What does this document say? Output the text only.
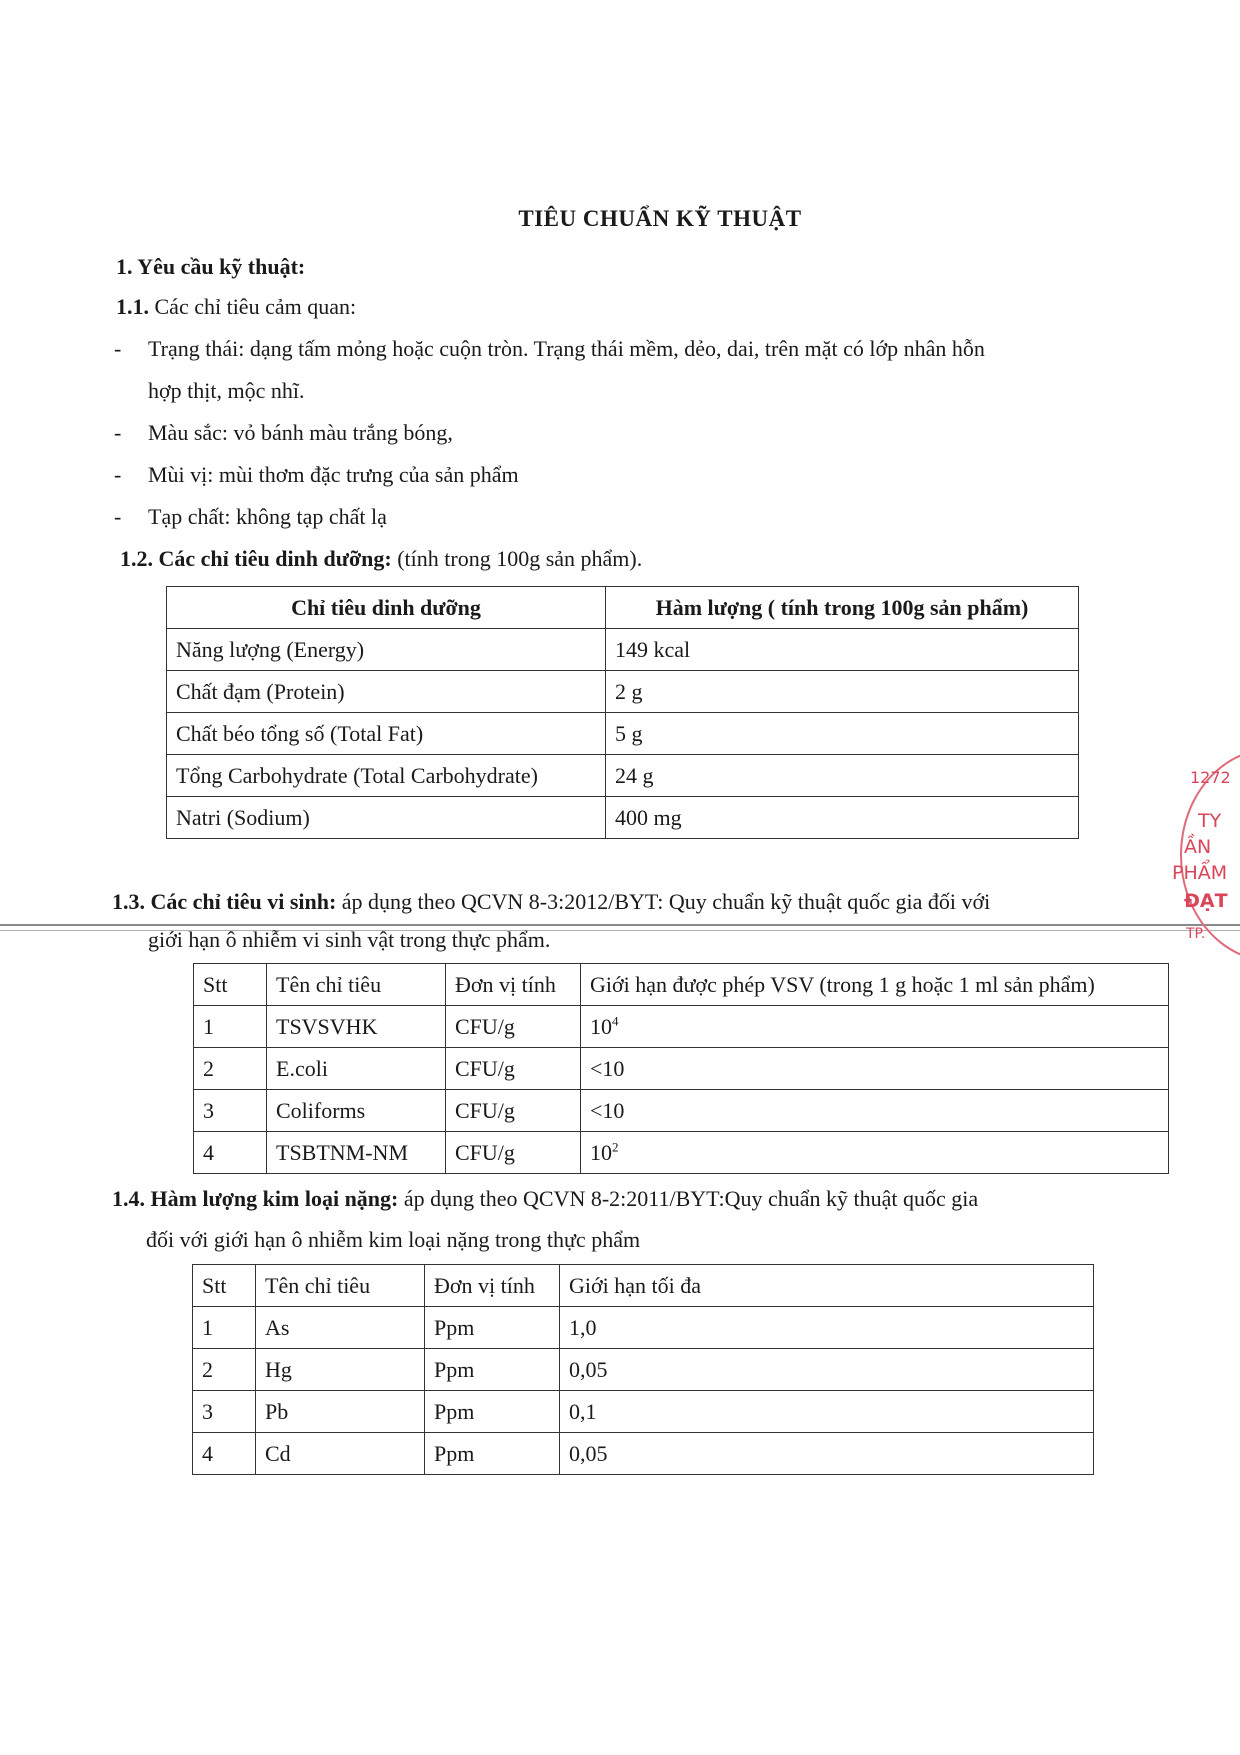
TIÊU CHUẨN KỸ THUẬT
1. Yêu cầu kỹ thuật:
1.1. Các chỉ tiêu cảm quan:
- Trạng thái: dạng tấm mỏng hoặc cuộn tròn. Trạng thái mềm, dẻo, dai, trên mặt có lớp nhân hỗn
hợp thịt, mộc nhĩ.
- Màu sắc: vỏ bánh màu trắng bóng,
- Mùi vị: mùi thơm đặc trưng của sản phẩm
- Tạp chất: không tạp chất lạ
1.2. Các chỉ tiêu dinh dưỡng: (tính trong 100g sản phẩm).
Chỉ tiêu dinh dưỡng	Hàm lượng ( tính trong 100g sản phẩm)
Năng lượng (Energy)	149 kcal
Chất đạm (Protein)	2 g
Chất béo tổng số (Total Fat)	5 g
Tổng Carbohydrate (Total Carbohydrate)	24 g
Natri (Sodium)	400 mg
1.3. Các chỉ tiêu vi sinh: áp dụng theo QCVN 8-3:2012/BYT: Quy chuẩn kỹ thuật quốc gia đối với
giới hạn ô nhiễm vi sinh vật trong thực phẩm.
Stt	Tên chỉ tiêu	Đơn vị tính	Giới hạn được phép VSV (trong 1 g hoặc 1 ml sản phẩm)
1	TSVSVHK	CFU/g	$10^4$
2	E.coli	CFU/g	<10
3	Coliforms	CFU/g	<10
4	TSBTNM-NM	CFU/g	$10^2$
1.4. Hàm lượng kim loại nặng: áp dụng theo QCVN 8-2:2011/BYT:Quy chuẩn kỹ thuật quốc gia
đối với giới hạn ô nhiễm kim loại nặng trong thực phẩm
Stt	Tên chỉ tiêu	Đơn vị tính	Giới hạn tối đa
1	As	Ppm	1,0
2	Hg	Ppm	0,05
3	Pb	Ppm	0,1
4	Cd	Ppm	0,05
1272
TY
ẦN
PHẨM
ĐẠT
TP.
